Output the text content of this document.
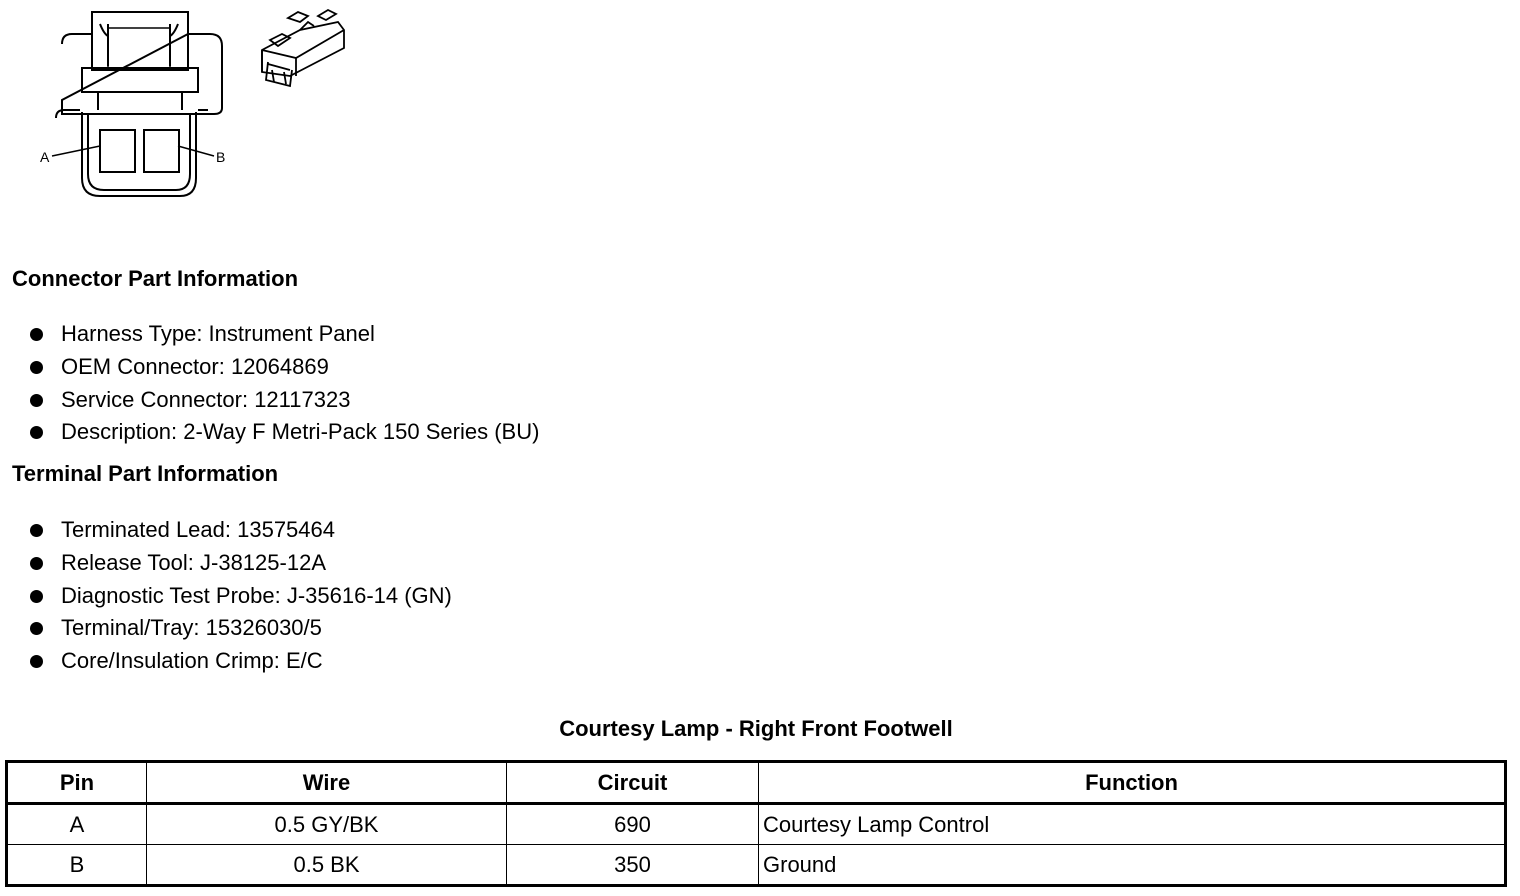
A	B
Connector Part Information
Harness Type: Instrument Panel
OEM Connector: 12064869
Service Connector: 12117323
Description: 2-Way F Metri-Pack 150 Series (BU)
Terminal Part Information
Terminated Lead: 13575464
Release Tool: J-38125-12A
Diagnostic Test Probe: J-35616-14 (GN)
Terminal/Tray: 15326030/5
Core/Insulation Crimp: E/C
Courtesy Lamp - Right Front Footwell
Pin	Wire	Circuit	Function
A	0.5 GY/BK	690	Courtesy Lamp Control
B	0.5 BK	350	Ground
